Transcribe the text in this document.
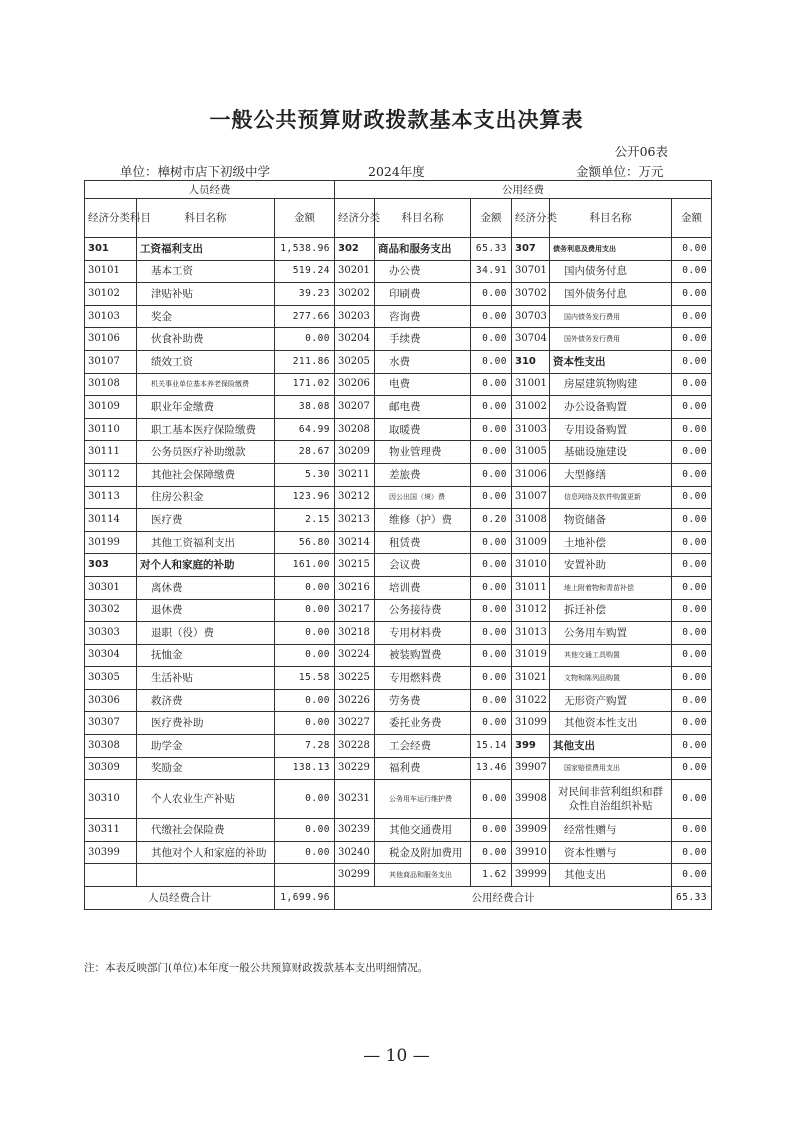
一般公共预算财政拨款基本支出决算表
公开06表
单位：樟树市店下初级中学	2024年度	金额单位：万元
人员经费			公用经费					
经济分类科目	科目名称	金额	经济分类	科目名称	金额	经济分类	科目名称	金额
301	工资福利支出	1,538.96	302	商品和服务支出	65.33	307	债务利息及费用支出	0.00
30101	基本工资	519.24	30201	办公费	34.91	30701	国内债务付息	0.00
30102	津贴补贴	39.23	30202	印刷费	0.00	30702	国外债务付息	0.00
30103	奖金	277.66	30203	咨询费	0.00	30703	国内债务发行费用	0.00
30106	伙食补助费	0.00	30204	手续费	0.00	30704	国外债务发行费用	0.00
30107	绩效工资	211.86	30205	水费	0.00	310	资本性支出	0.00
30108	机关事业单位基本养老保险缴费	171.02	30206	电费	0.00	31001	房屋建筑物购建	0.00
30109	职业年金缴费	38.08	30207	邮电费	0.00	31002	办公设备购置	0.00
30110	职工基本医疗保险缴费	64.99	30208	取暖费	0.00	31003	专用设备购置	0.00
30111	公务员医疗补助缴款	28.67	30209	物业管理费	0.00	31005	基础设施建设	0.00
30112	其他社会保障缴费	5.30	30211	差旅费	0.00	31006	大型修缮	0.00
30113	住房公积金	123.96	30212	因公出国（境）费	0.00	31007	信息网络及软件购置更新	0.00
30114	医疗费	2.15	30213	维修（护）费	0.20	31008	物资储备	0.00
30199	其他工资福利支出	56.80	30214	租赁费	0.00	31009	土地补偿	0.00
303	对个人和家庭的补助	161.00	30215	会议费	0.00	31010	安置补助	0.00
30301	离休费	0.00	30216	培训费	0.00	31011	地上附着物和青苗补偿	0.00
30302	退休费	0.00	30217	公务接待费	0.00	31012	拆迁补偿	0.00
30303	退职（役）费	0.00	30218	专用材料费	0.00	31013	公务用车购置	0.00
30304	抚恤金	0.00	30224	被装购置费	0.00	31019	其他交通工具购置	0.00
30305	生活补贴	15.58	30225	专用燃料费	0.00	31021	文物和陈列品购置	0.00
30306	救济费	0.00	30226	劳务费	0.00	31022	无形资产购置	0.00
30307	医疗费补助	0.00	30227	委托业务费	0.00	31099	其他资本性支出	0.00
30308	助学金	7.28	30228	工会经费	15.14	399	其他支出	0.00
30309	奖励金	138.13	30229	福利费	13.46	39907	国家赔偿费用支出	0.00
30310	个人农业生产补贴	0.00	30231	公务用车运行维护费	0.00	39908	对民间非营利组织和群众性自治组织补贴	0.00
30311	代缴社会保险费	0.00	30239	其他交通费用	0.00	39909	经常性赠与	0.00
30399	其他对个人和家庭的补助	0.00	30240	税金及附加费用	0.00	39910	资本性赠与	0.00
			30299	其他商品和服务支出	1.62	39999	其他支出	0.00
人员经费合计		1,699.96	公用经费合计					65.33
注：本表反映部门(单位)本年度一般公共预算财政拨款基本支出明细情况。
— 10 —
